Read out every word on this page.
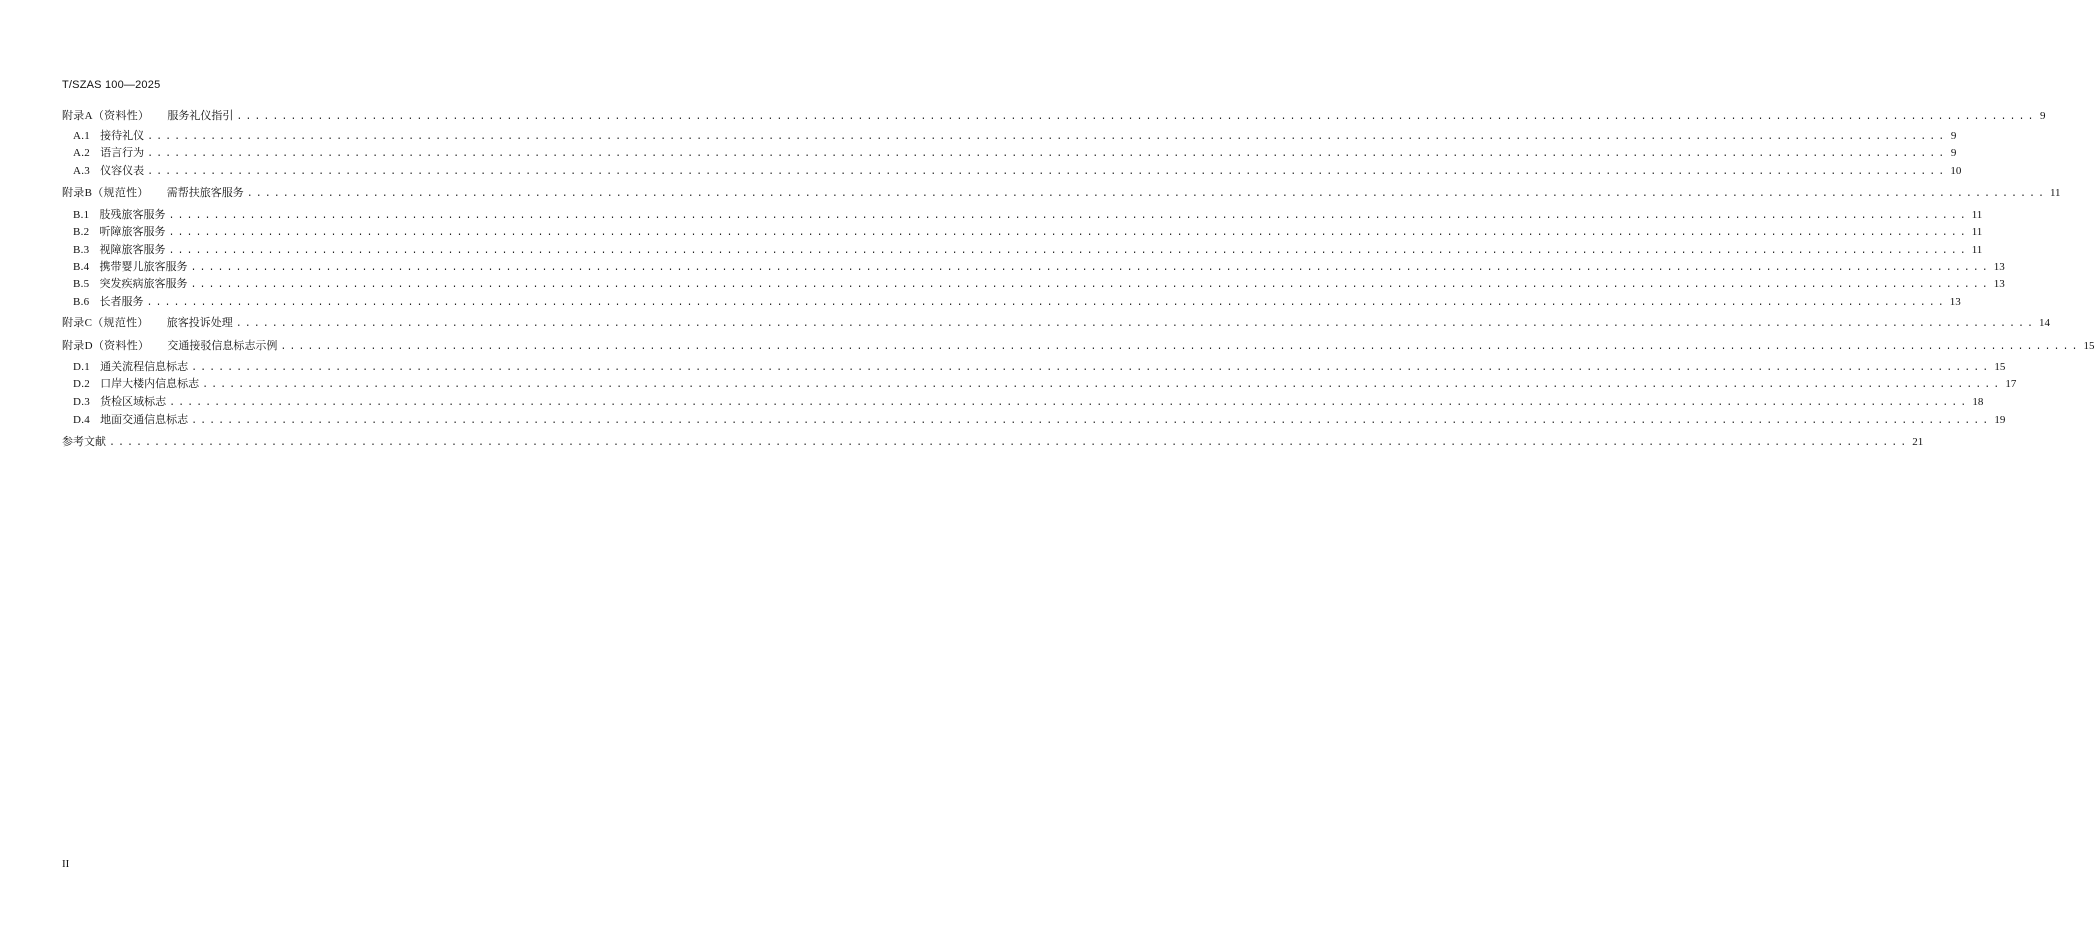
T/SZAS 100—2025
附录A（资料性） 服务礼仪指引 ........................................................................................................................................................................................................ 9
A.1 接待礼仪 ........................................................................................................................................................................................................ 9
A.2 语言行为 ........................................................................................................................................................................................................ 9
A.3 仪容仪表 ........................................................................................................................................................................................................ 10
附录B（规范性） 需帮扶旅客服务 ........................................................................................................................................................................................................ 11
B.1 肢残旅客服务 ........................................................................................................................................................................................................ 11
B.2 听障旅客服务 ........................................................................................................................................................................................................ 11
B.3 视障旅客服务 ........................................................................................................................................................................................................ 11
B.4 携带婴儿旅客服务 ........................................................................................................................................................................................................ 13
B.5 突发疾病旅客服务 ........................................................................................................................................................................................................ 13
B.6 长者服务 ........................................................................................................................................................................................................ 13
附录C（规范性） 旅客投诉处理 ........................................................................................................................................................................................................ 14
附录D（资料性） 交通接驳信息标志示例 ........................................................................................................................................................................................................ 15
D.1 通关流程信息标志 ........................................................................................................................................................................................................ 15
D.2 口岸大楼内信息标志 ........................................................................................................................................................................................................ 17
D.3 货检区域标志 ........................................................................................................................................................................................................ 18
D.4 地面交通信息标志 ........................................................................................................................................................................................................ 19
参考文献 ........................................................................................................................................................................................................ 21
II
